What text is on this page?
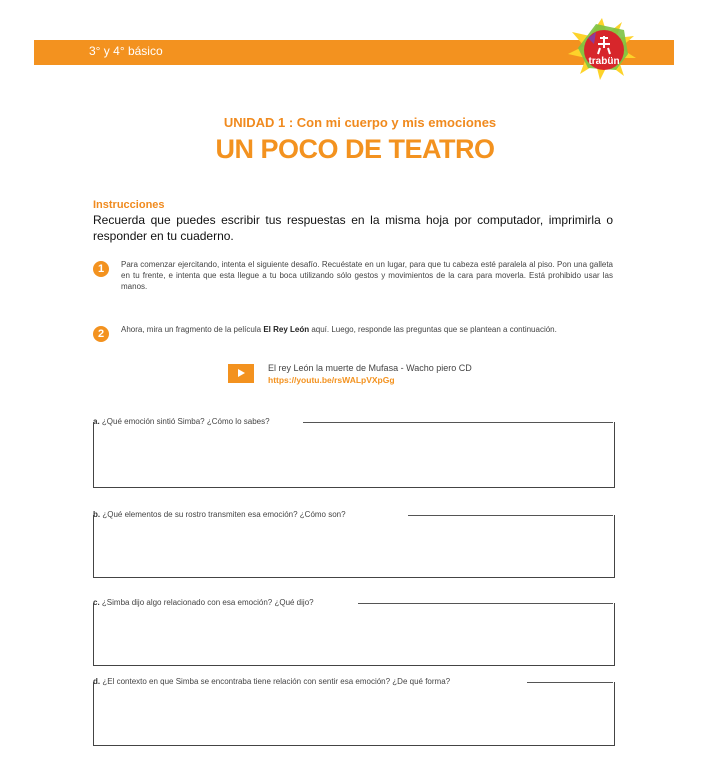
3° y 4° básico
trabün
UNIDAD 1 : Con mi cuerpo y mis emociones
UN POCO DE TEATRO
Instrucciones
Recuerda que puedes escribir tus respuestas en la misma hoja por computador, imprimirla o responder en tu cuaderno.
1	Para comenzar ejercitando, intenta el siguiente desafío. Recuéstate en un lugar, para que tu cabeza esté paralela al piso. Pon una galleta en tu frente, e intenta que esta llegue a tu boca utilizando sólo gestos y movimientos de la cara para moverla. Está prohibido usar las manos.
2	Ahora, mira un fragmento de la película El Rey León aquí. Luego, responde las preguntas que se plantean a continuación.
El rey León la muerte de Mufasa - Wacho piero CD
https://youtu.be/rsWALpVXpGg
a. ¿Qué emoción sintió Simba? ¿Cómo lo sabes?
b. ¿Qué elementos de su rostro transmiten esa emoción? ¿Cómo son?
c. ¿Simba dijo algo relacionado con esa emoción? ¿Qué dijo?
d. ¿El contexto en que Simba se encontraba tiene relación con sentir esa emoción? ¿De qué forma?
